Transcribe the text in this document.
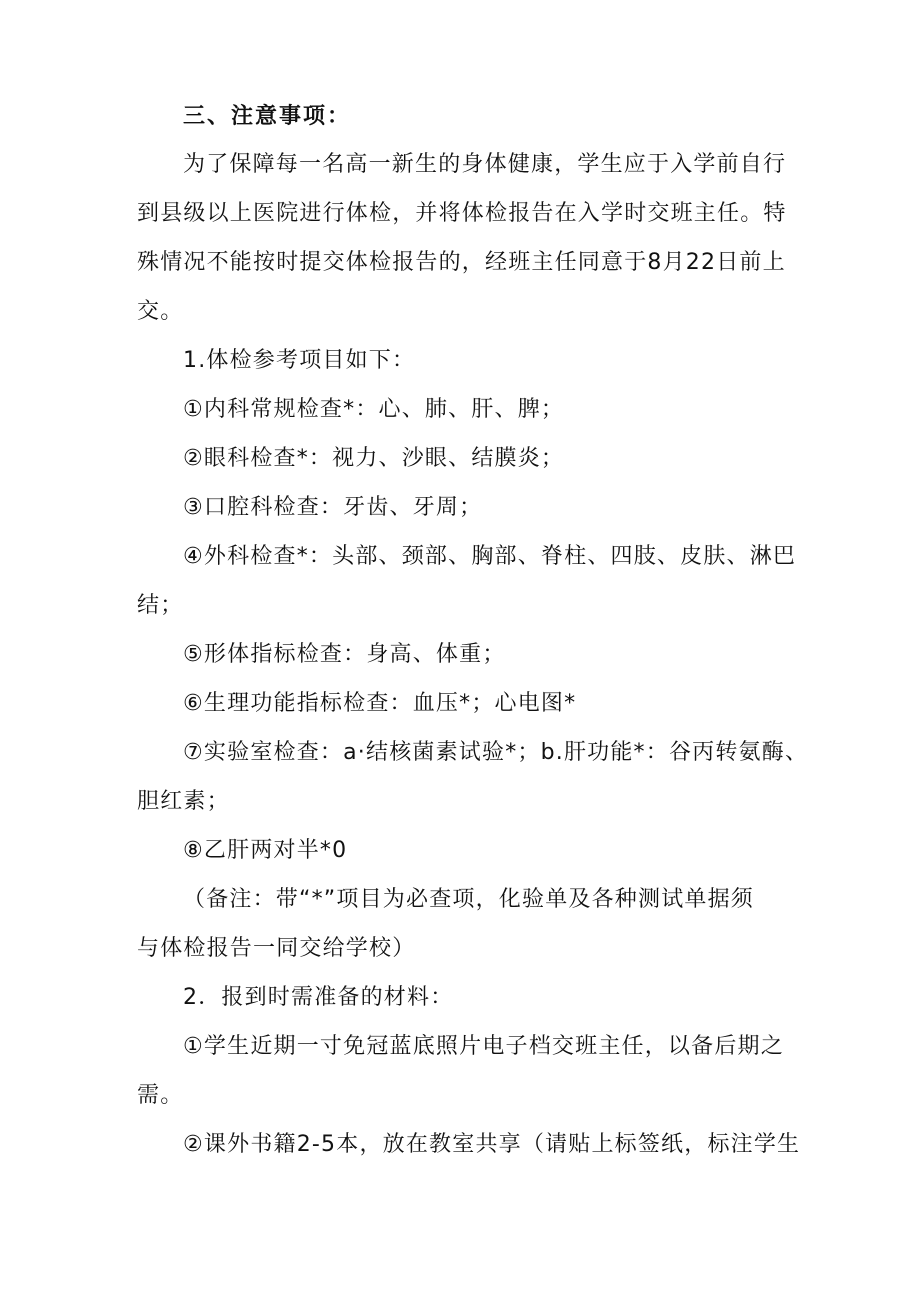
三、注意事项：
为了保障每一名高一新生的身体健康，学生应于入学前自行
到县级以上医院进行体检，并将体检报告在入学时交班主任。特
殊情况不能按时提交体检报告的，经班主任同意于8月22日前上
交。
1.体检参考项目如下：
①内科常规检查*：心、肺、肝、脾；
②眼科检查*：视力、沙眼、结膜炎；
③口腔科检查：牙齿、牙周；
④外科检查*：头部、颈部、胸部、脊柱、四肢、皮肤、淋巴
结；
⑤形体指标检查：身高、体重；
⑥生理功能指标检查：血压*；心电图*
⑦实验室检查：a·结核菌素试验*；b.肝功能*：谷丙转氨酶、
胆红素；
⑧乙肝两对半*0
（备注：带“*”项目为必查项，化验单及各种测试单据须
与体检报告一同交给学校）
2．报到时需准备的材料：
①学生近期一寸免冠蓝底照片电子档交班主任，以备后期之
需。
②课外书籍2-5本，放在教室共享（请贴上标签纸，标注学生
